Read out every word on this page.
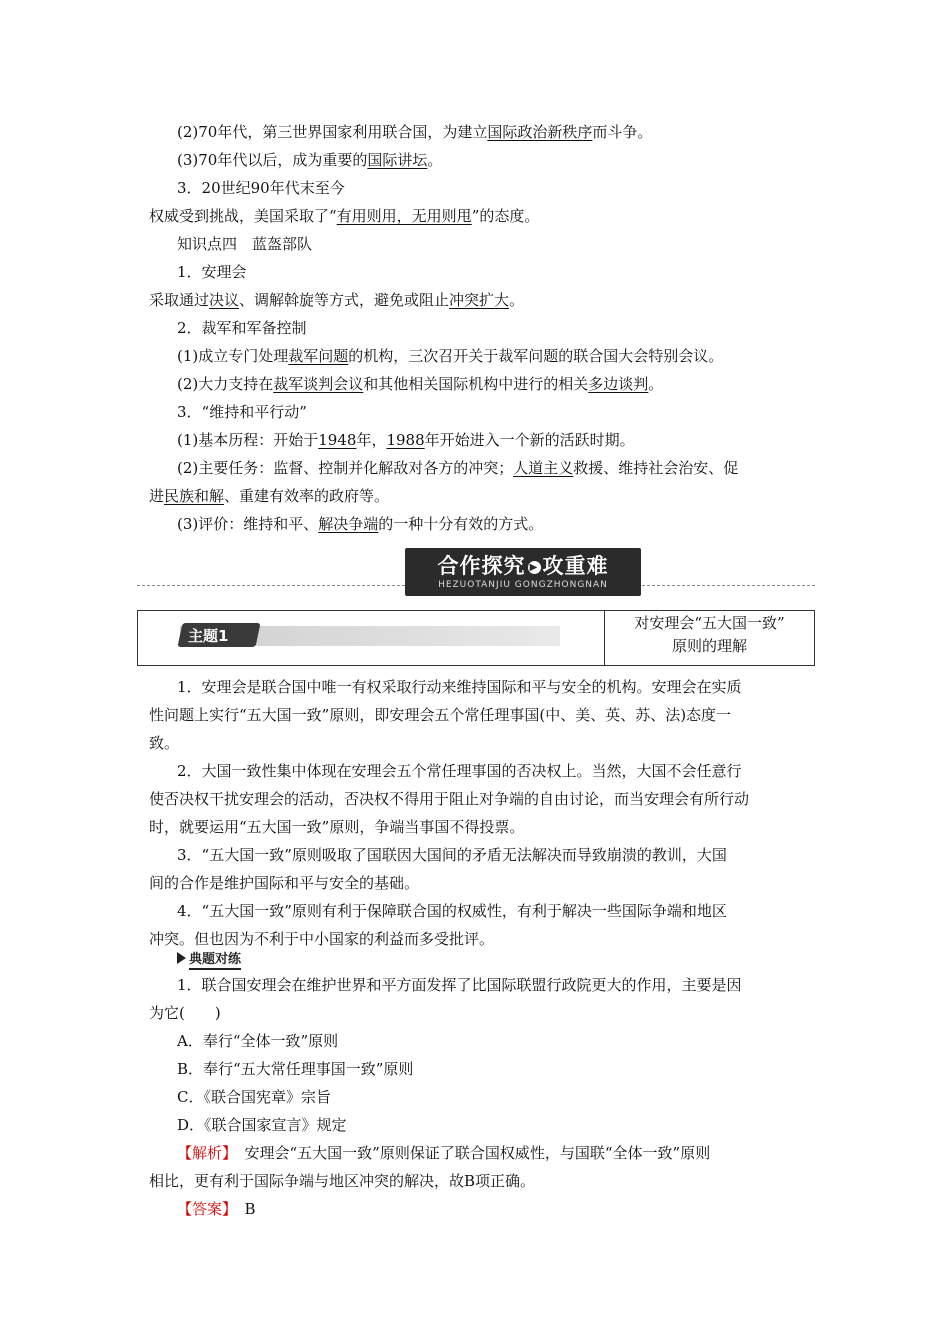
(2)70年代，第三世界国家利用联合国，为建立国际政治新秩序而斗争。
(3)70年代以后，成为重要的国际讲坛。
3．20世纪90年代末至今
权威受到挑战，美国采取了“有用则用，无用则甩”的态度。
知识点四　蓝盔部队
1．安理会
采取通过决议、调解斡旋等方式，避免或阻止冲突扩大。
2．裁军和军备控制
(1)成立专门处理裁军问题的机构，三次召开关于裁军问题的联合国大会特别会议。
(2)大力支持在裁军谈判会议和其他相关国际机构中进行的相关多边谈判。
3．“维持和平行动”
(1)基本历程：开始于1948年，1988年开始进入一个新的活跃时期。
(2)主要任务：监督、控制并化解敌对各方的冲突；人道主义救援、维持社会治安、促
进民族和解、重建有效率的政府等。
(3)评价：维持和平、解决争端的一种十分有效的方式。
合作探究 ▶ 攻重难
HEZUOTANJIU GONGZHONGNAN
主题1
对安理会“五大国一致”
原则的理解
1．安理会是联合国中唯一有权采取行动来维持国际和平与安全的机构。安理会在实质
性问题上实行“五大国一致”原则，即安理会五个常任理事国(中、美、英、苏、法)态度一
致。
2．大国一致性集中体现在安理会五个常任理事国的否决权上。当然，大国不会任意行
使否决权干扰安理会的活动，否决权不得用于阻止对争端的自由讨论，而当安理会有所行动
时，就要运用“五大国一致”原则，争端当事国不得投票。
3．“五大国一致”原则吸取了国联因大国间的矛盾无法解决而导致崩溃的教训，大国
间的合作是维护国际和平与安全的基础。
4．“五大国一致”原则有利于保障联合国的权威性，有利于解决一些国际争端和地区
冲突。但也因为不利于中小国家的利益而多受批评。
典题对练
1．联合国安理会在维护世界和平方面发挥了比国际联盟行政院更大的作用，主要是因
为它(　　)
A．奉行“全体一致”原则
B．奉行“五大常任理事国一致”原则
C．《联合国宪章》宗旨
D．《联合国家宣言》规定
【解析】　安理会“五大国一致”原则保证了联合国权威性，与国联“全体一致”原则
相比，更有利于国际争端与地区冲突的解决，故B项正确。
【答案】　B
